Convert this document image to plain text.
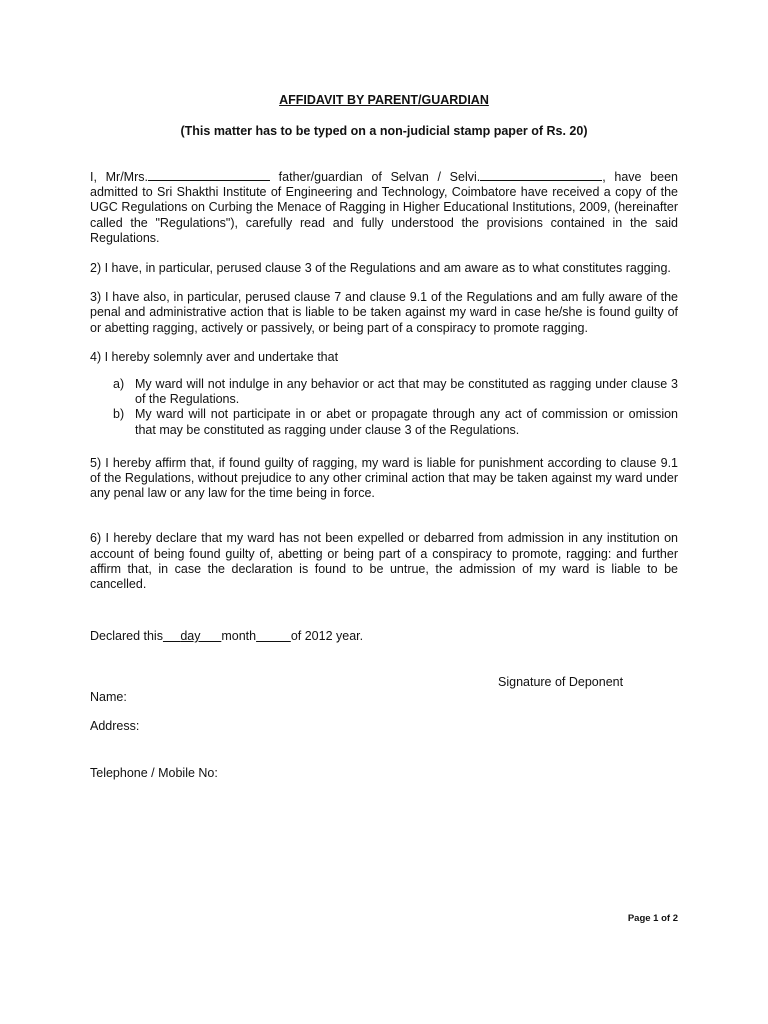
AFFIDAVIT BY PARENT/GUARDIAN
(This matter has to be typed on a non-judicial stamp paper of Rs. 20)

I, Mr/Mrs.	father/guardian of Selvan / Selvi.	, have been admitted to Sri Shakthi Institute of Engineering and Technology, Coimbatore have received a copy of the UGC Regulations on Curbing the Menace of Ragging in Higher Educational Institutions, 2009, (hereinafter called the "Regulations"), carefully read and fully understood the provisions contained in the said Regulations.

2) I have, in particular, perused clause 3 of the Regulations and am aware as to what constitutes ragging.

3) I have also, in particular, perused clause 7 and clause 9.1 of the Regulations and am fully aware of the penal and administrative action that is liable to be taken against my ward in case he/she is found guilty of or abetting ragging, actively or passively, or being part of a conspiracy to promote ragging.

4) I hereby solemnly aver and undertake that

a) My ward will not indulge in any behavior or act that may be constituted as ragging under clause 3 of the Regulations.
b) My ward will not participate in or abet or propagate through any act of commission or omission that may be constituted as ragging under clause 3 of the Regulations.

5) I hereby affirm that, if found guilty of ragging, my ward is liable for punishment according to clause 9.1 of the Regulations, without prejudice to any other criminal action that may be taken against my ward under any penal law or any law for the time being in force.

6) I hereby declare that my ward has not been expelled or debarred from admission in any institution on account of being found guilty of, abetting or being part of a conspiracy to promote, ragging: and further affirm that, in case the declaration is found to be untrue, the admission of my ward is liable to be cancelled.

Declared this day month	of 2012 year.
Signature of Deponent
Name:
Address:
Telephone / Mobile No:
Page 1 of 2
